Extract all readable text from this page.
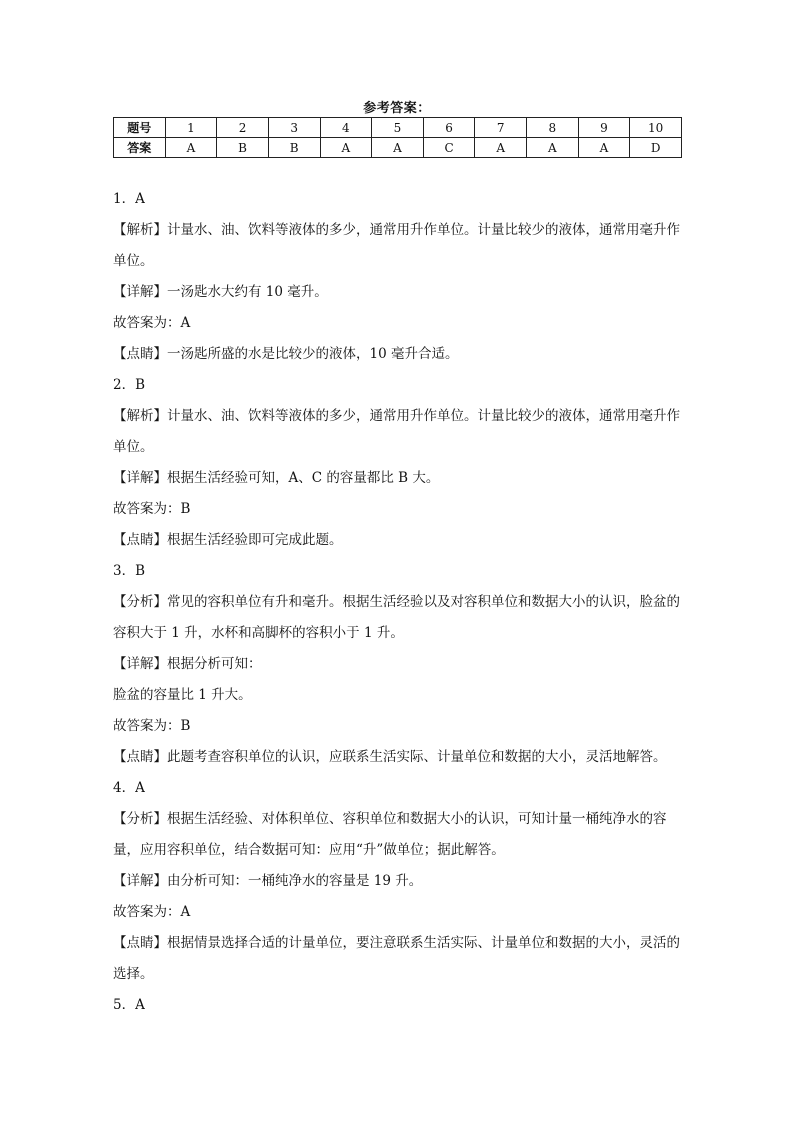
参考答案：
题号	1	2	3	4	5	6	7	8	9	10
答案	A	B	B	A	A	C	A	A	A	D
1．A
【解析】计量水、油、饮料等液体的多少，通常用升作单位。计量比较少的液体，通常用毫升作单位。
【详解】一汤匙水大约有 10 毫升。
故答案为：A
【点睛】一汤匙所盛的水是比较少的液体，10 毫升合适。
2．B
【解析】计量水、油、饮料等液体的多少，通常用升作单位。计量比较少的液体，通常用毫升作单位。
【详解】根据生活经验可知，A、C 的容量都比 B 大。
故答案为：B
【点睛】根据生活经验即可完成此题。
3．B
【分析】常见的容积单位有升和毫升。根据生活经验以及对容积单位和数据大小的认识，脸盆的容积大于 1 升，水杯和高脚杯的容积小于 1 升。
【详解】根据分析可知：
脸盆的容量比 1 升大。
故答案为：B
【点睛】此题考查容积单位的认识，应联系生活实际、计量单位和数据的大小，灵活地解答。
4．A
【分析】根据生活经验、对体积单位、容积单位和数据大小的认识，可知计量一桶纯净水的容量，应用容积单位，结合数据可知：应用“升”做单位；据此解答。
【详解】由分析可知：一桶纯净水的容量是 19 升。
故答案为：A
【点睛】根据情景选择合适的计量单位，要注意联系生活实际、计量单位和数据的大小，灵活的选择。
5．A
